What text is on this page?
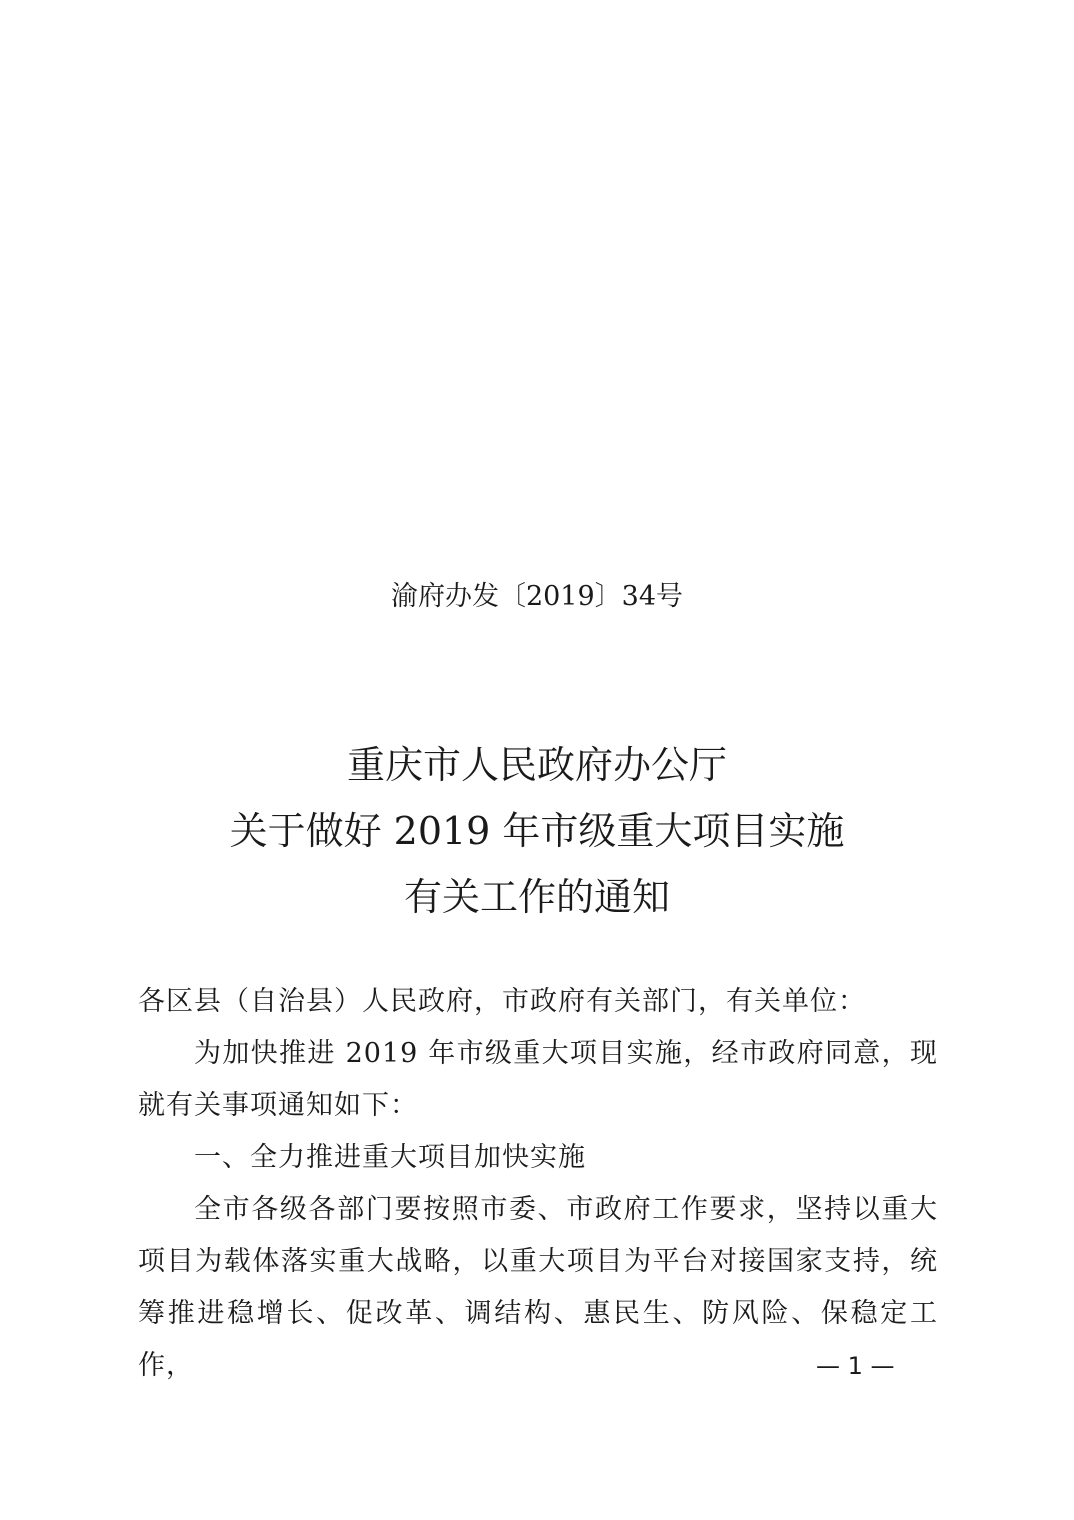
渝府办发〔2019〕34号
重庆市人民政府办公厅
关于做好 2019 年市级重大项目实施
有关工作的通知

各区县（自治县）人民政府，市政府有关部门，有关单位：

为加快推进 2019 年市级重大项目实施，经市政府同意，现就有关事项通知如下：

一、全力推进重大项目加快实施

全市各级各部门要按照市委、市政府工作要求，坚持以重大项目为载体落实重大战略，以重大项目为平台对接国家支持，统筹推进稳增长、促改革、调结构、惠民生、防风险、保稳定工作，	— 1 —
